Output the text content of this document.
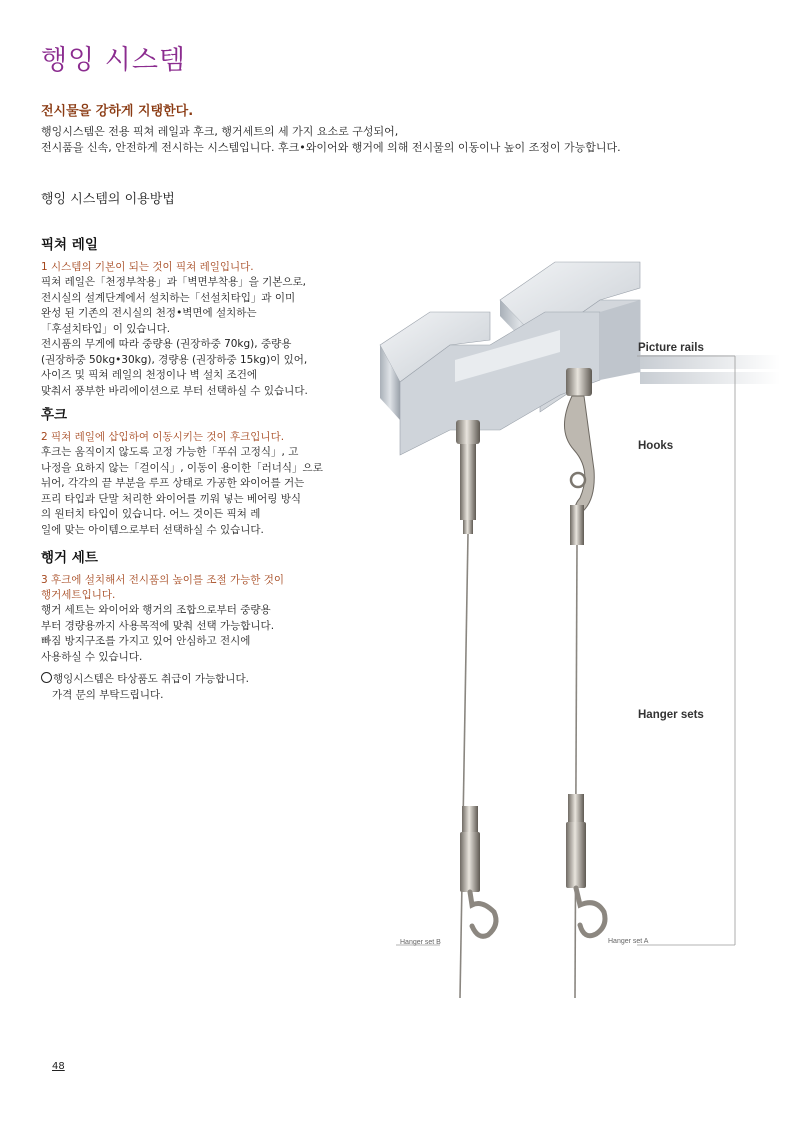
행잉 시스템
전시물을 강하게 지탱한다.
행잉시스템은 전용 픽쳐 레일과 후크, 행거세트의 세 가지 요소로 구성되어,
전시품을 신속, 안전하게 전시하는 시스템입니다. 후크•와이어와 행거에 의해 전시물의 이동이나 높이 조정이 가능합니다.
행잉 시스템의 이용방법
픽쳐 레일
1 시스템의 기본이 되는 것이 픽쳐 레일입니다.
픽쳐 레일은「천정부착용」과「벽면부착용」을 기본으로,
전시실의 설계단계에서 설치하는「선설치타입」과 이미
완성 된 기존의 전시실의 천정•벽면에 설치하는
「후설치타입」이 있습니다.
전시품의 무게에 따라 중량용 (권장하중 70kg), 중량용
(권장하중 50kg•30kg), 경량용 (권장하중 15kg)이 있어,
사이즈 및 픽쳐 레일의 천정이나 벽 설치 조건에
맞춰서 풍부한 바리에이션으로 부터 선택하실 수 있습니다.
후크
2 픽쳐 레일에 삽입하여 이동시키는 것이 후크입니다.
후크는 움직이지 않도록 고정 가능한「푸쉬 고정식」, 고
나정을 요하지 않는「걸이식」, 이동이 용이한「러너식」으로
뉘어, 각각의 끝 부분을 루프 상태로 가공한 와이어를 거는
프리 타입과 단말 처리한 와이어를 끼워 넣는 베어링 방식
의 원터치 타입이 있습니다. 어느 것이든 픽쳐 레
일에 맞는 아이템으로부터 선택하실 수 있습니다.
행거 세트
3 후크에 설치해서 전시품의 높이를 조절 가능한 것이
행거세트입니다.
행거 세트는 와이어와 행거의 조합으로부터 중량용
부터 경량용까지 사용목적에 맞춰 선택 가능합니다.
빠짐 방지구조를 가지고 있어 안심하고 전시에
사용하실 수 있습니다.
행잉시스템은 타상품도 취급이 가능합니다.
가격 문의 부탁드립니다.
Picture rails
Hooks
Hanger sets
Hanger set B	Hanger set A
48
